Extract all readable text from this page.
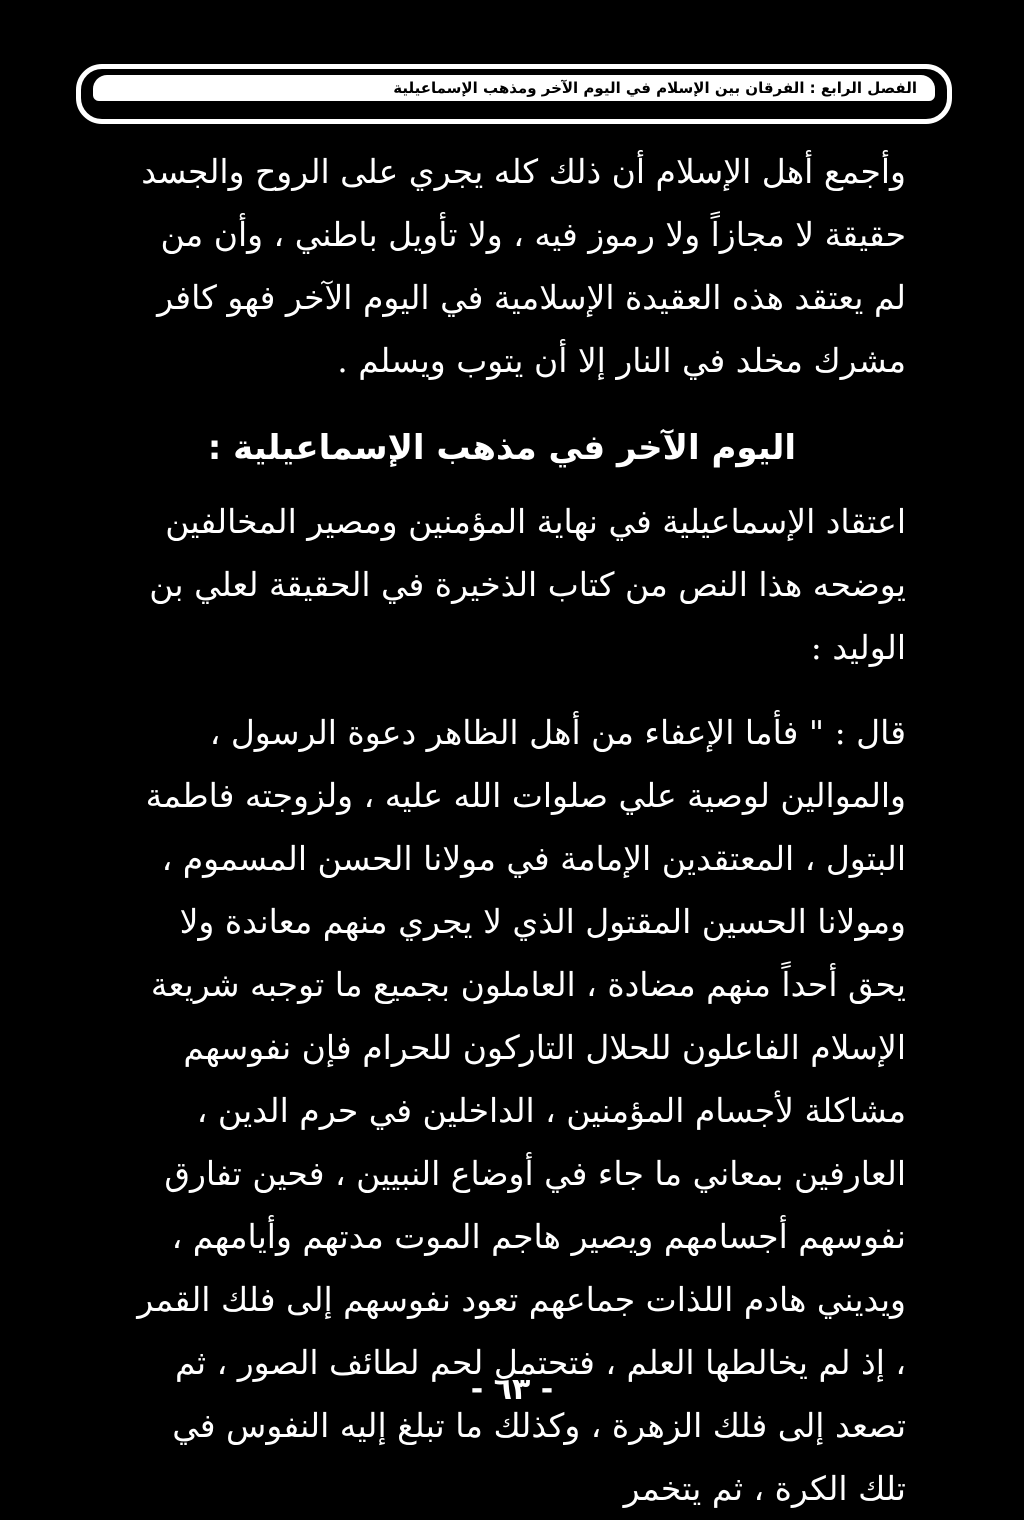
الفصل الرابع : الفرقان بين الإسلام في اليوم الآخر ومذهب الإسماعيلية

وأجمع أهل الإسلام أن ذلك كله يجري على الروح والجسد حقيقة لا مجازاً ولا رموز فيه ، ولا تأويل باطني ، وأن من لم يعتقد هذه العقيدة الإسلامية في اليوم الآخر فهو كافر مشرك مخلد في النار إلا أن يتوب ويسلم .

اليوم الآخر في مذهب الإسماعيلية :

اعتقاد الإسماعيلية في نهاية المؤمنين ومصير المخالفين يوضحه هذا النص من كتاب الذخيرة في الحقيقة لعلي بن الوليد :

قال : " فأما الإعفاء من أهل الظاهر دعوة الرسول ، والموالين لوصية علي صلوات الله عليه ، ولزوجته فاطمة البتول ، المعتقدين الإمامة في مولانا الحسن المسموم ، ومولانا الحسين المقتول الذي لا يجري منهم معاندة ولا يحق أحداً منهم مضادة ، العاملون بجميع ما توجبه شريعة الإسلام الفاعلون للحلال التاركون للحرام فإن نفوسهم مشاكلة لأجسام المؤمنين ، الداخلين في حرم الدين ، العارفين بمعاني ما جاء في أوضاع النبيين ، فحين تفارق نفوسهم أجسامهم ويصير هاجم الموت مدتهم وأيامهم ، ويديني هادم اللذات جماعهم تعود نفوسهم إلى فلك القمر ، إذ لم يخالطها العلم ، فتحتمل لحم لطائف الصور ، ثم تصعد إلى فلك الزهرة ، وكذلك ما تبلغ إليه النفوس في تلك الكرة ، ثم يتخمر

- ٦٣ -
